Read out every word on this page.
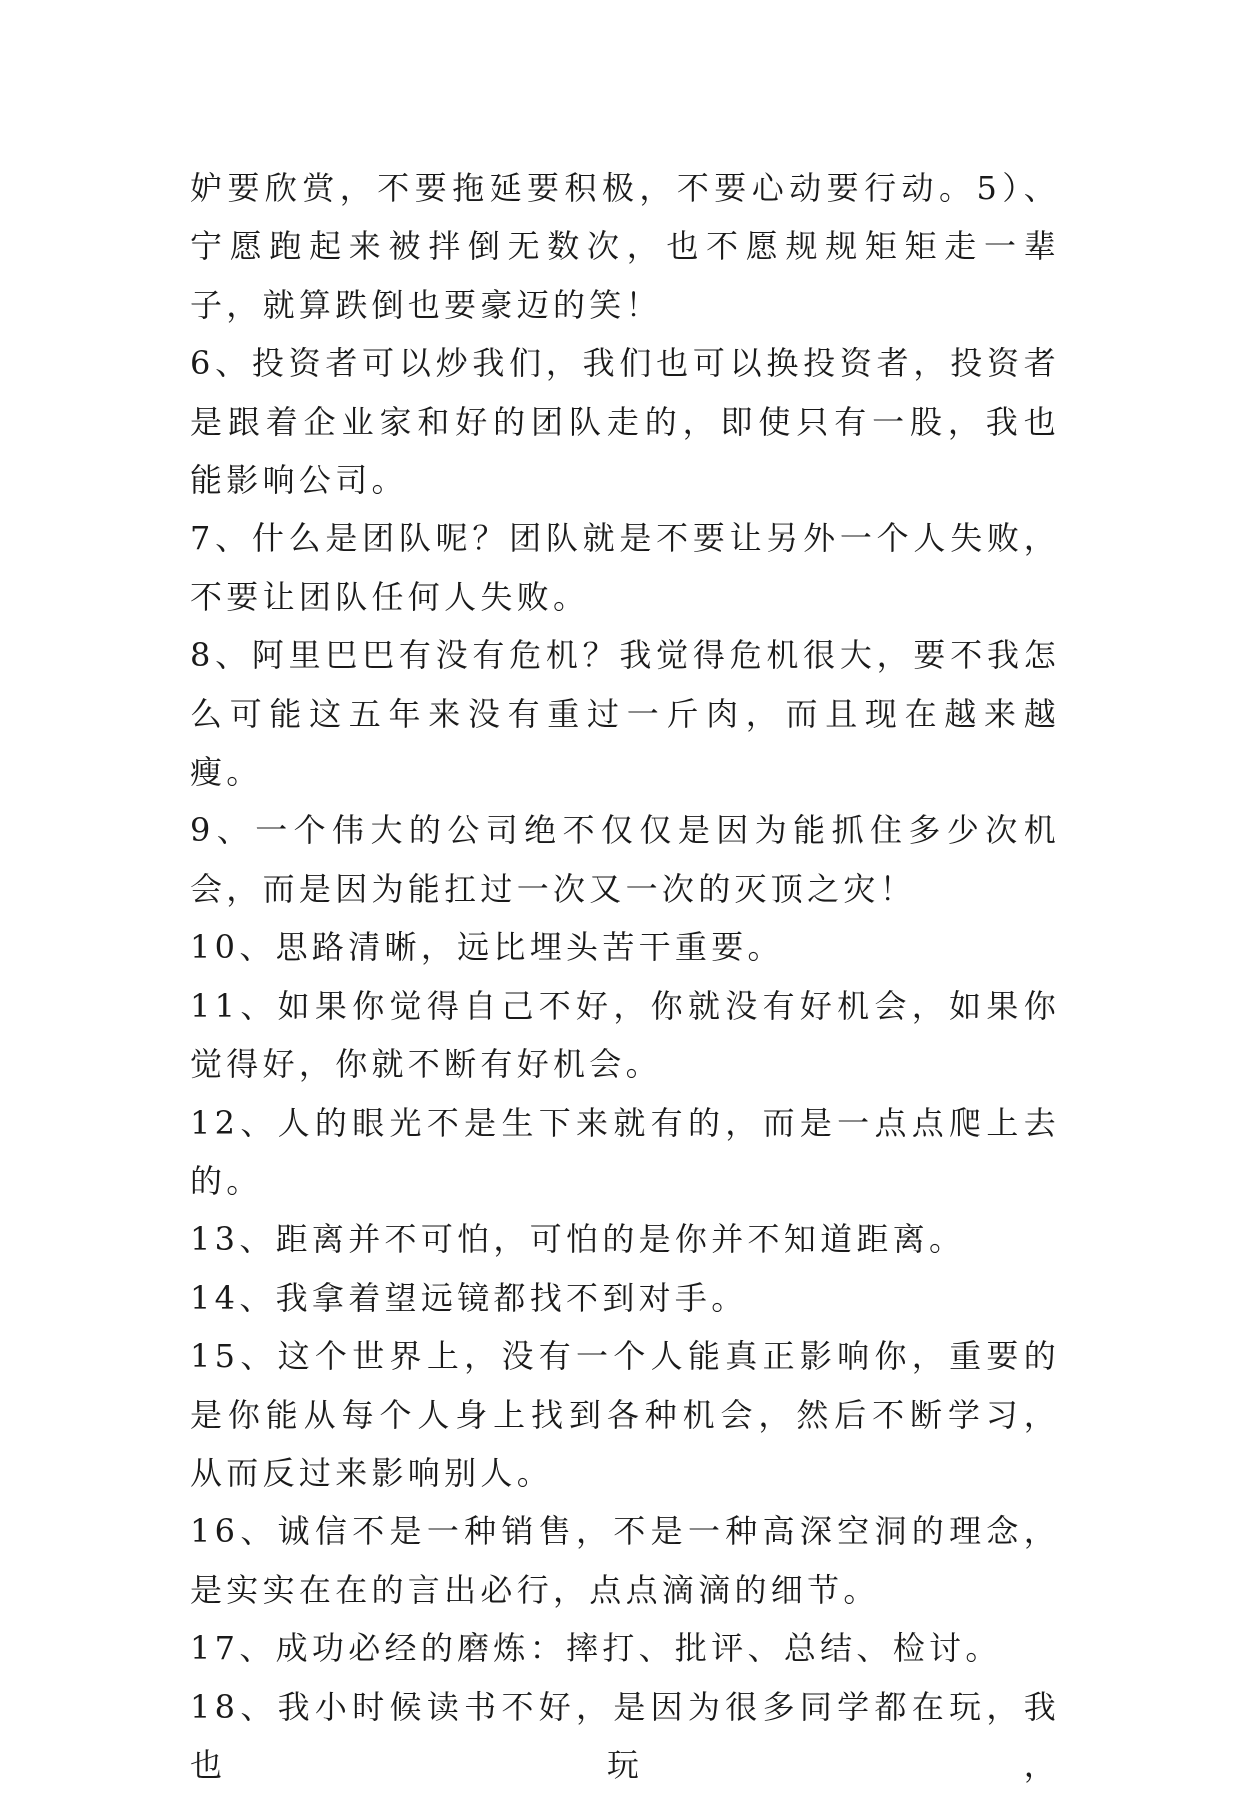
妒要欣赏，不要拖延要积极，不要心动要行动。5）、宁愿跑起来被拌倒无数次，也不愿规规矩矩走一辈子，就算跌倒也要豪迈的笑！

6、投资者可以炒我们，我们也可以换投资者，投资者是跟着企业家和好的团队走的，即使只有一股，我也能影响公司。

7、什么是团队呢？团队就是不要让另外一个人失败，不要让团队任何人失败。

8、阿里巴巴有没有危机？我觉得危机很大，要不我怎么可能这五年来没有重过一斤肉，而且现在越来越瘦。

9、一个伟大的公司绝不仅仅是因为能抓住多少次机会，而是因为能扛过一次又一次的灭顶之灾！

10、思路清晰，远比埋头苦干重要。

11、如果你觉得自己不好，你就没有好机会，如果你觉得好，你就不断有好机会。

12、人的眼光不是生下来就有的，而是一点点爬上去的。

13、距离并不可怕，可怕的是你并不知道距离。

14、我拿着望远镜都找不到对手。

15、这个世界上，没有一个人能真正影响你，重要的是你能从每个人身上找到各种机会，然后不断学习，从而反过来影响别人。

16、诚信不是一种销售，不是一种高深空洞的理念，是实实在在的言出必行，点点滴滴的细节。

17、成功必经的磨炼：摔打、批评、总结、检讨。

18、我小时候读书不好，是因为很多同学都在玩，我也玩，
